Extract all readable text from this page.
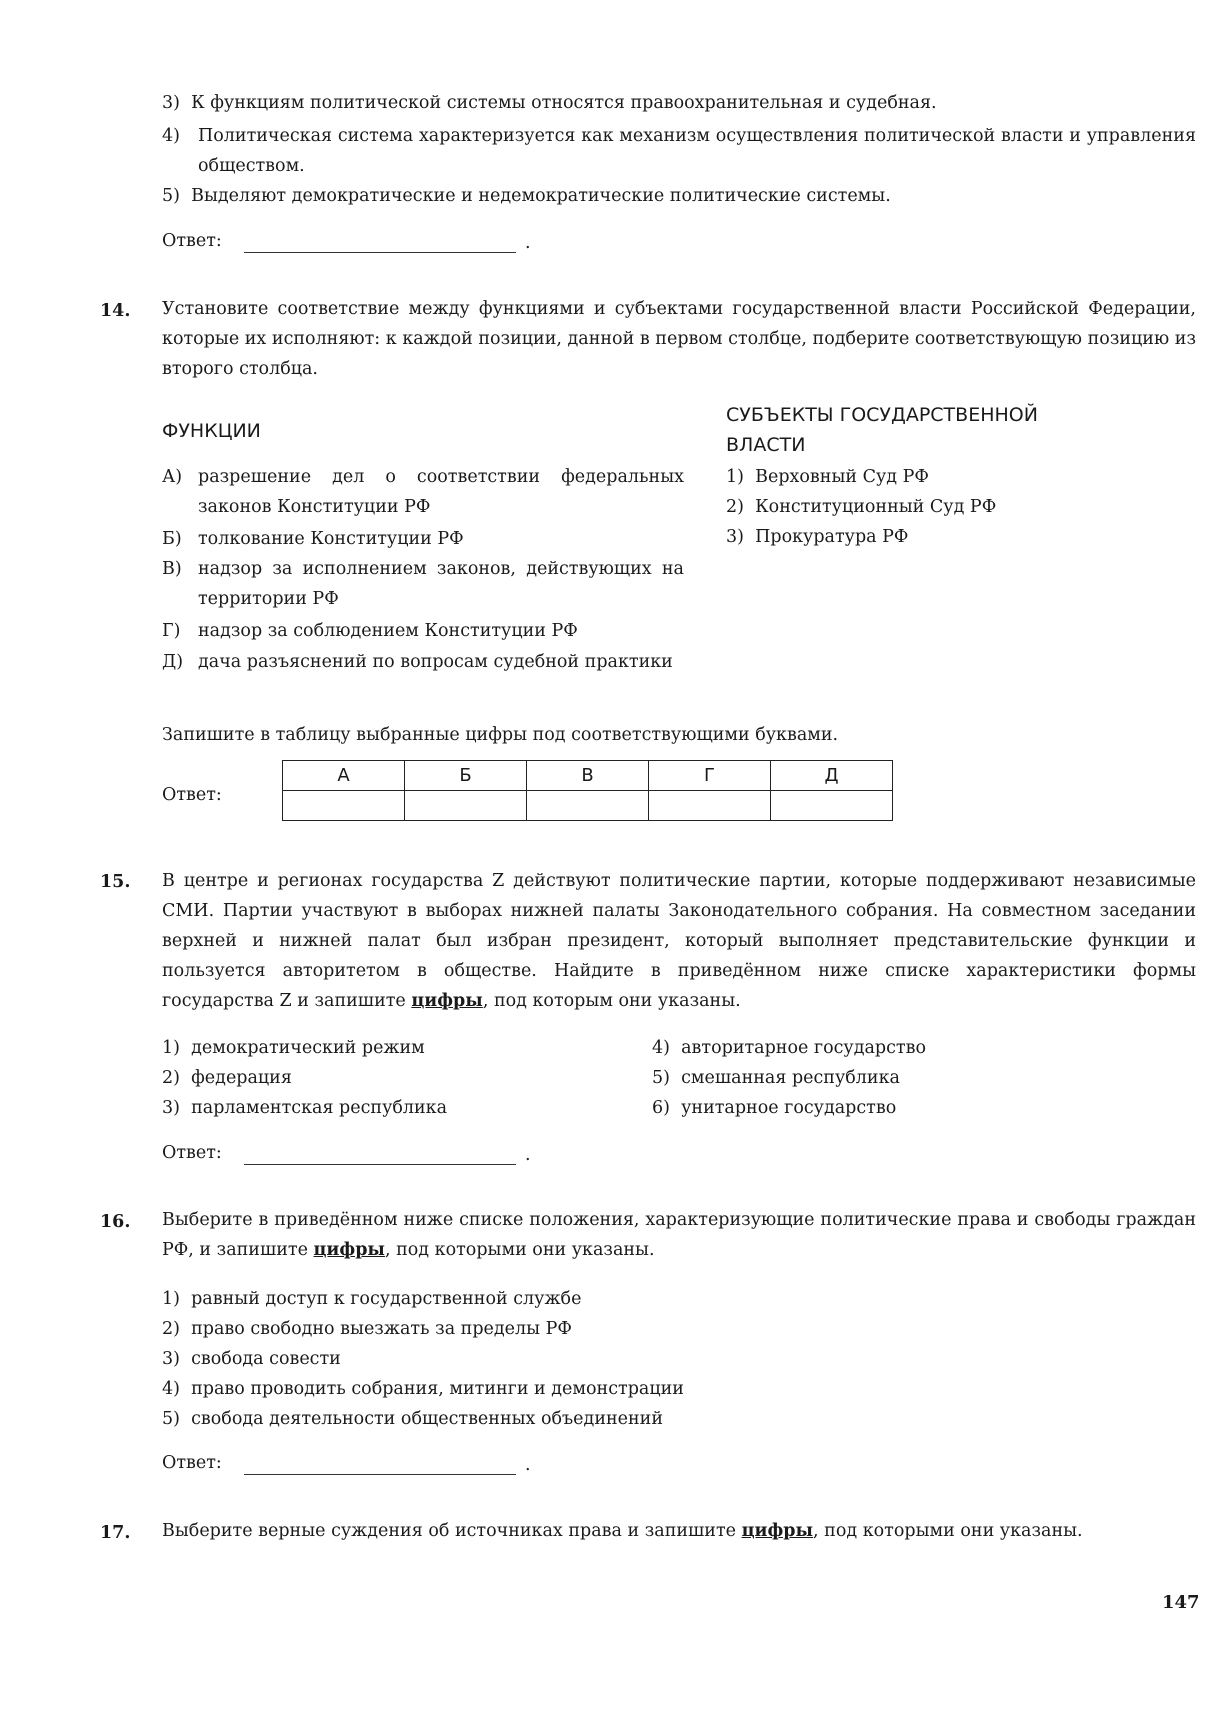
3) К функциям политической системы относятся правоохранительная и судебная.
4) Политическая система характеризуется как механизм осуществления политической власти и управления обществом.
5) Выделяют демократические и недемократические политические системы.
Ответ:	.
14. Установите соответствие между функциями и субъектами государственной власти Российской Федерации, которые их исполняют: к каждой позиции, данной в первом столбце, подберите соответствующую позицию из второго столбца.
ФУНКЦИИ
СУБЪЕКТЫ ГОСУДАРСТВЕННОЙ
ВЛАСТИ
А) разрешение дел о соответствии федеральных законов Конституции РФ
Б) толкование Конституции РФ
В) надзор за исполнением законов, действующих на территории РФ
Г) надзор за соблюдением Конституции РФ
Д) дача разъяснений по вопросам судебной практики
1) Верховный Суд РФ
2) Конституционный Суд РФ
3) Прокуратура РФ
Запишите в таблицу выбранные цифры под соответствующими буквами.
Ответ:
А	Б	В	Г	Д

15. В центре и регионах государства Z действуют политические партии, которые поддерживают независимые СМИ. Партии участвуют в выборах нижней палаты Законодательного собрания. На совместном заседании верхней и нижней палат был избран президент, который выполняет представительские функции и пользуется авторитетом в обществе. Найдите в приведённом ниже списке характеристики формы государства Z и запишите цифры, под которым они указаны.
1) демократический режим
2) федерация
3) парламентская республика
4) авторитарное государство
5) смешанная республика
6) унитарное государство
Ответ:	.
16. Выберите в приведённом ниже списке положения, характеризующие политические права и свободы граждан РФ, и запишите цифры, под которыми они указаны.
1) равный доступ к государственной службе
2) право свободно выезжать за пределы РФ
3) свобода совести
4) право проводить собрания, митинги и демонстрации
5) свобода деятельности общественных объединений
Ответ:	.
17. Выберите верные суждения об источниках права и запишите цифры, под которыми они указаны.
147
